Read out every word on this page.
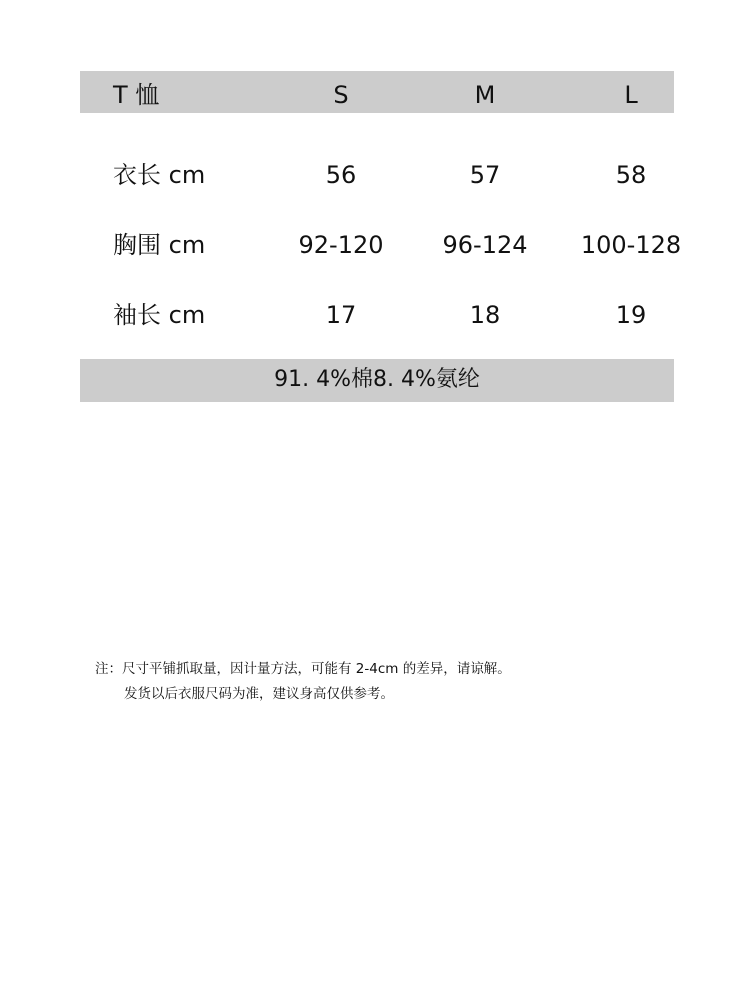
T 恤	S	M	L
衣长 cm	56	57	58
胸围 cm	92-120 96-124 100-128
袖长 cm	17	18	19
91. 4%棉8. 4%氨纶
注：尺寸平铺抓取量，因计量方法，可能有 2-4cm 的差异，请谅解。
发货以后衣服尺码为准，建议身高仅供参考。
